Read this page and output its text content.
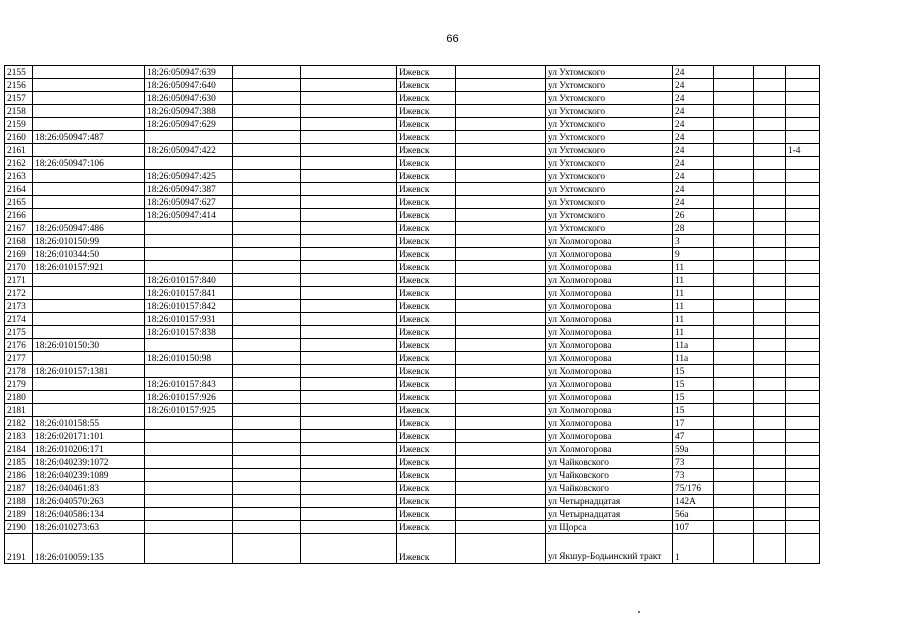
66
2155		18:26:050947:639			Ижевск		ул Ухтомского	24			
2156		18:26:050947:640			Ижевск		ул Ухтомского	24			
2157		18:26:050947:630			Ижевск		ул Ухтомского	24			
2158		18:26:050947:388			Ижевск		ул Ухтомского	24			
2159		18:26:050947:629			Ижевск		ул Ухтомского	24			
2160	18:26:050947:487				Ижевск		ул Ухтомского	24			
2161		18:26:050947:422			Ижевск		ул Ухтомского	24			1-4
2162	18:26:050947:106				Ижевск		ул Ухтомского	24			
2163		18:26:050947:425			Ижевск		ул Ухтомского	24			
2164		18:26:050947:387			Ижевск		ул Ухтомского	24			
2165		18:26:050947:627			Ижевск		ул Ухтомского	24			
2166		18:26:050947:414			Ижевск		ул Ухтомского	26			
2167	18:26:050947:486				Ижевск		ул Ухтомского	28			
2168	18:26:010150:99				Ижевск		ул Холмогорова	3			
2169	18:26:010344:50				Ижевск		ул Холмогорова	9			
2170	18:26:010157:921				Ижевск		ул Холмогорова	11			
2171		18:26:010157:840			Ижевск		ул Холмогорова	11			
2172		18:26:010157:841			Ижевск		ул Холмогорова	11			
2173		18:26:010157:842			Ижевск		ул Холмогорова	11			
2174		18:26:010157:931			Ижевск		ул Холмогорова	11			
2175		18:26:010157:838			Ижевск		ул Холмогорова	11			
2176	18:26:010150:30				Ижевск		ул Холмогорова	11а			
2177		18:26:010150:98			Ижевск		ул Холмогорова	11а			
2178	18:26:010157:1381				Ижевск		ул Холмогорова	15			
2179		18:26:010157:843			Ижевск		ул Холмогорова	15			
2180		18:26:010157:926			Ижевск		ул Холмогорова	15			
2181		18:26:010157:925			Ижевск		ул Холмогорова	15			
2182	18:26:010158:55				Ижевск		ул Холмогорова	17			
2183	18:26:020171:101				Ижевск		ул Холмогорова	47			
2184	18:26:010206:171				Ижевск		ул Холмогорова	59а			
2185	18:26:040239:1072				Ижевск		ул Чайковского	73			
2186	18:26:040239:1089				Ижевск		ул Чайковского	73			
2187	18:26:040461:83				Ижевск		ул Чайковского	75/176			
2188	18:26:040570:263				Ижевск		ул Четырнадцатая	142А			
2189	18:26:040586:134				Ижевск		ул Четырнадцатая	56а			
2190	18:26:010273:63				Ижевск		ул Щорса	107			
2191	18:26:010059:135				Ижевск		ул Якшур-Бодьинский тракт	1			
